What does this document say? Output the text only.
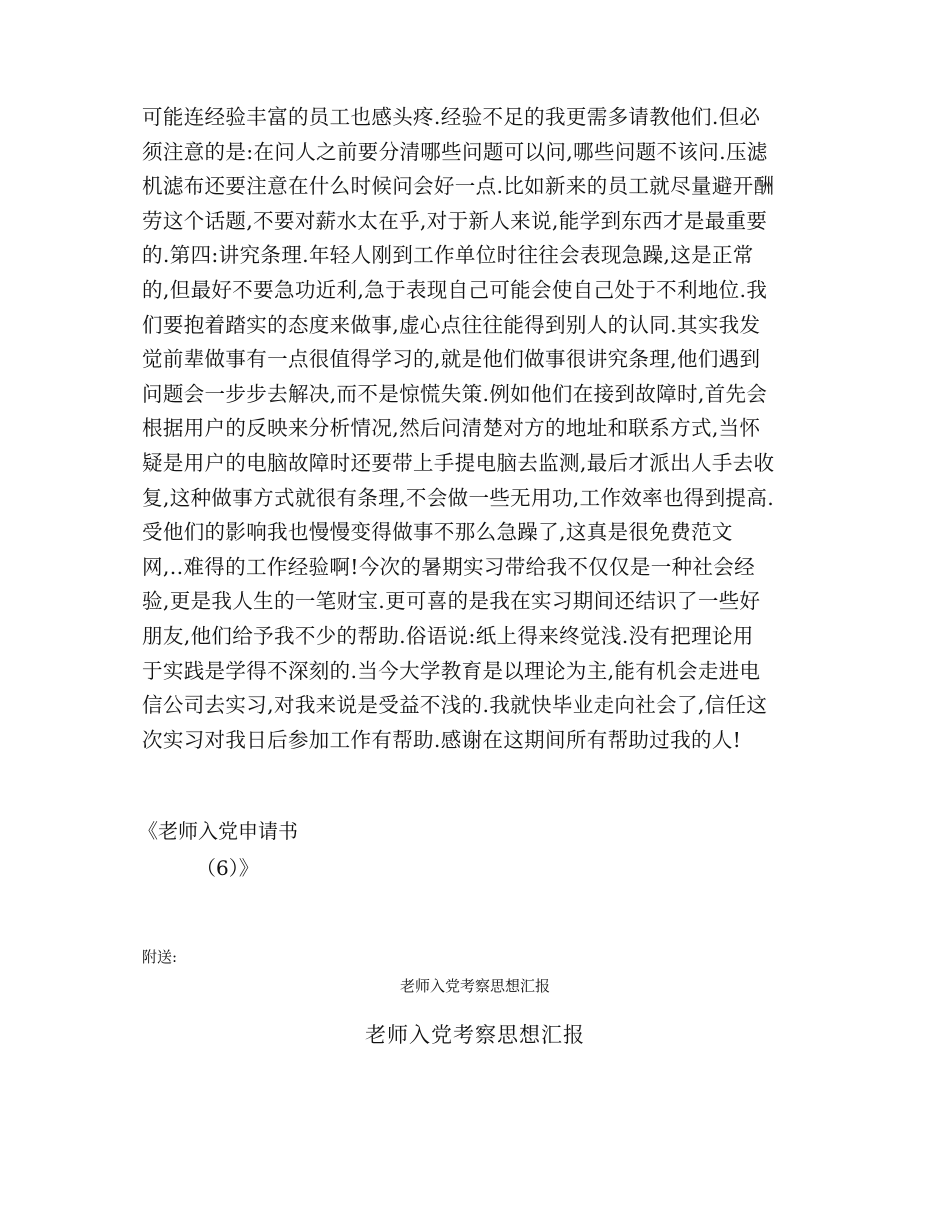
可能连经验丰富的员工也感头疼.经验不足的我更需多请教他们.但必
须注意的是:在问人之前要分清哪些问题可以问,哪些问题不该问.压滤
机滤布还要注意在什么时候问会好一点.比如新来的员工就尽量避开酬
劳这个话题,不要对薪水太在乎,对于新人来说,能学到东西才是最重要
的.第四:讲究条理.年轻人刚到工作单位时往往会表现急躁,这是正常
的,但最好不要急功近利,急于表现自己可能会使自己处于不利地位.我
们要抱着踏实的态度来做事,虚心点往往能得到别人的认同.其实我发
觉前辈做事有一点很值得学习的,就是他们做事很讲究条理,他们遇到
问题会一步步去解决,而不是惊慌失策.例如他们在接到故障时,首先会
根据用户的反映来分析情况,然后问清楚对方的地址和联系方式,当怀
疑是用户的电脑故障时还要带上手提电脑去监测,最后才派出人手去收
复,这种做事方式就很有条理,不会做一些无用功,工作效率也得到提高.
受他们的影响我也慢慢变得做事不那么急躁了,这真是很免费范文
网,..难得的工作经验啊!今次的暑期实习带给我不仅仅是一种社会经
验,更是我人生的一笔财宝.更可喜的是我在实习期间还结识了一些好
朋友,他们给予我不少的帮助.俗语说:纸上得来终觉浅.没有把理论用
于实践是学得不深刻的.当今大学教育是以理论为主,能有机会走进电
信公司去实习,对我来说是受益不浅的.我就快毕业走向社会了,信任这
次实习对我日后参加工作有帮助.感谢在这期间所有帮助过我的人!
《老师入党申请书
（6）》
附送:
老师入党考察思想汇报
老师入党考察思想汇报
